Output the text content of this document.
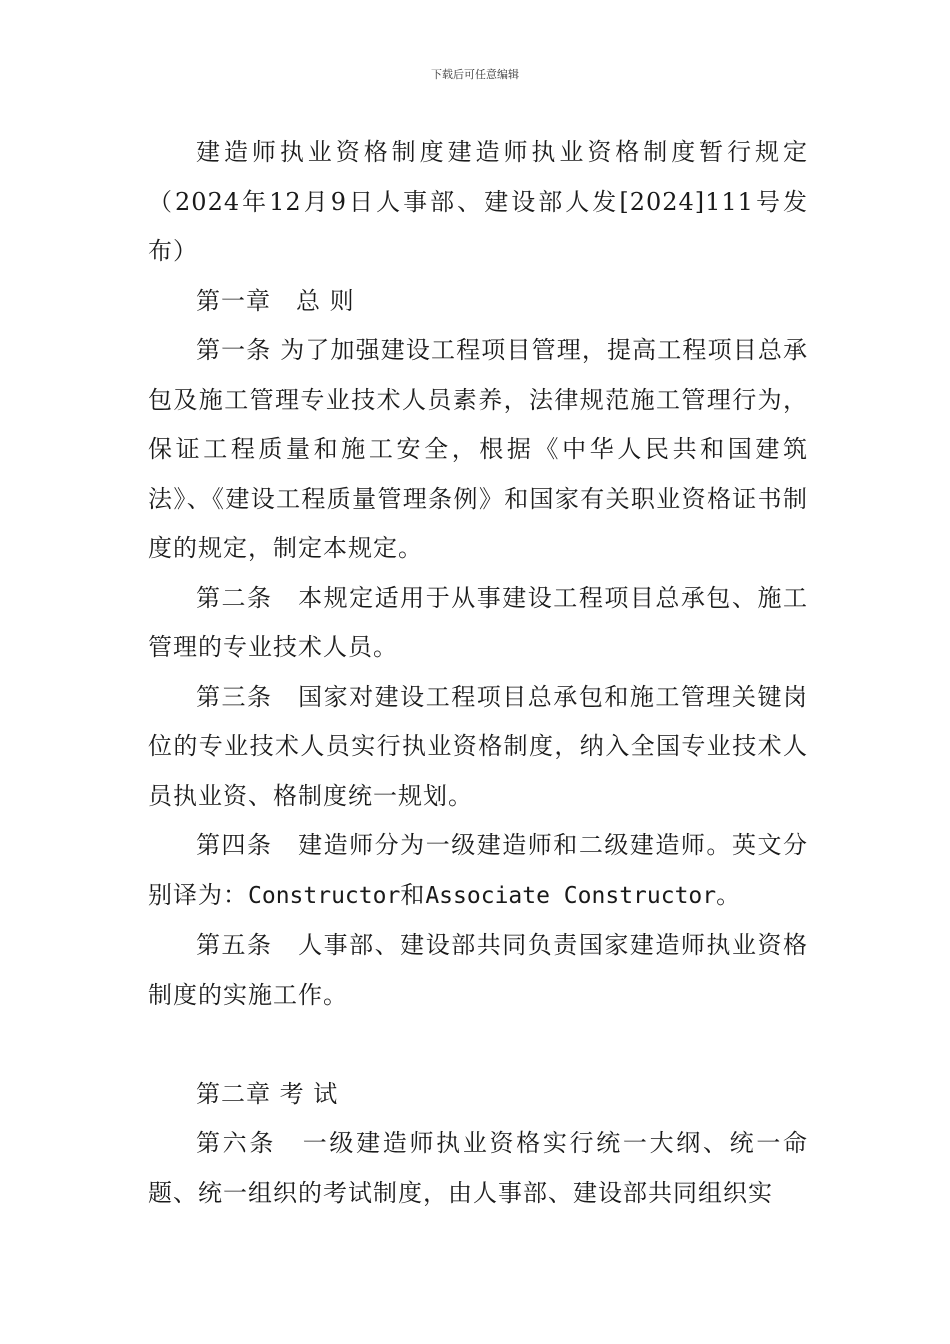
下载后可任意编辑

建造师执业资格制度建造师执业资格制度暂行规定（2024年12月9日人事部、建设部人发[2024]111号发布）

第一章　总 则

第一条 为了加强建设工程项目管理，提高工程项目总承包及施工管理专业技术人员素养，法律规范施工管理行为，保证工程质量和施工安全，根据《中华人民共和国建筑法》、《建设工程质量管理条例》和国家有关职业资格证书制度的规定，制定本规定。

第二条　本规定适用于从事建设工程项目总承包、施工管理的专业技术人员。

第三条　国家对建设工程项目总承包和施工管理关键岗位的专业技术人员实行执业资格制度，纳入全国专业技术人员执业资、格制度统一规划。

第四条　建造师分为一级建造师和二级建造师。英文分别译为：Constructor和Associate Constructor。

第五条　人事部、建设部共同负责国家建造师执业资格制度的实施工作。

第二章 考 试

第六条　一级建造师执业资格实行统一大纲、统一命题、统一组织的考试制度，由人事部、建设部共同组织实
